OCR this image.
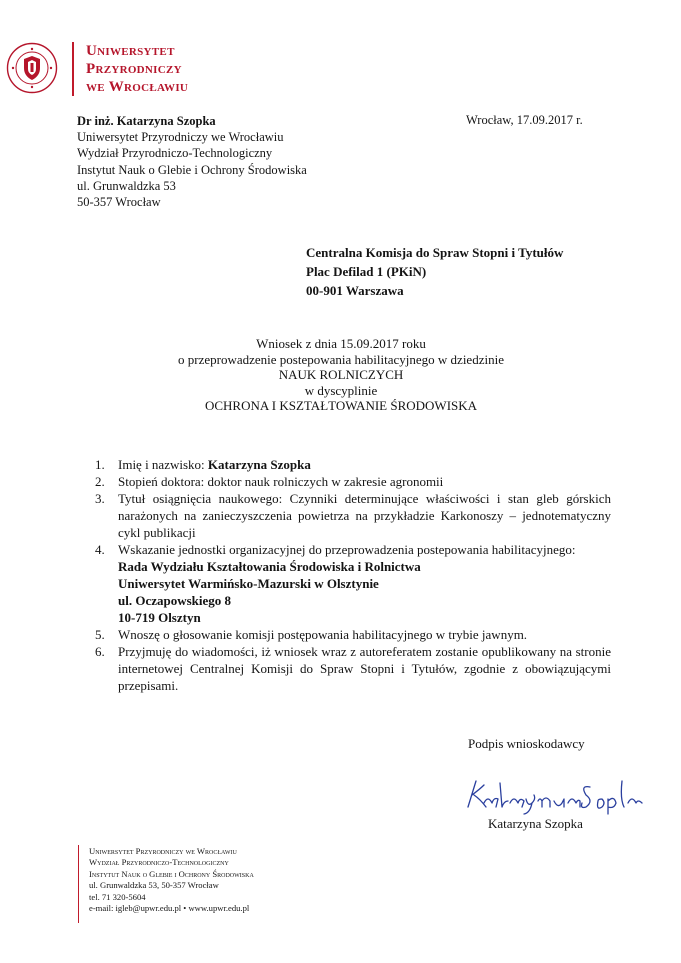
Uniwersytet
Przyrodniczy
we Wrocławiu
Dr inż. Katarzyna Szopka
Uniwersytet Przyrodniczy we Wrocławiu
Wydział Przyrodniczo-Technologiczny
Instytut Nauk o Glebie i Ochrony Środowiska
ul. Grunwaldzka 53
50-357 Wrocław
Wrocław, 17.09.2017 r.
Centralna Komisja do Spraw Stopni i Tytułów
Plac Defilad 1 (PKiN)
00-901 Warszawa
Wniosek z dnia 15.09.2017 roku
o przeprowadzenie postepowania habilitacyjnego w dziedzinie
NAUK ROLNICZYCH
w dyscyplinie
OCHRONA I KSZTAŁTOWANIE ŚRODOWISKA
1. Imię i nazwisko: Katarzyna Szopka
2. Stopień doktora: doktor nauk rolniczych w zakresie agronomii
3. Tytuł osiągnięcia naukowego: Czynniki determinujące właściwości i stan gleb górskich narażonych na zanieczyszczenia powietrza na przykładzie Karkonoszy – jednotematyczny cykl publikacji
4. Wskazanie jednostki organizacyjnej do przeprowadzenia postepowania habilitacyjnego:
Rada Wydziału Kształtowania Środowiska i Rolnictwa
Uniwersytet Warmińsko-Mazurski w Olsztynie
ul. Oczapowskiego 8
10-719 Olsztyn
5. Wnoszę o głosowanie komisji postępowania habilitacyjnego w trybie jawnym.
6. Przyjmuję do wiadomości, iż wniosek wraz z autoreferatem zostanie opublikowany na stronie internetowej Centralnej Komisji do Spraw Stopni i Tytułów, zgodnie z obowiązującymi przepisami.
Podpis wnioskodawcy
Katarzyna Szopka
Uniwersytet Przyrodniczy we Wrocławiu
Wydział Przyrodniczo-Technologiczny
Instytut Nauk o Glebie i Ochrony Środowiska
ul. Grunwaldzka 53, 50-357 Wrocław
tel. 71 320-5604
e-mail: igleb@upwr.edu.pl • www.upwr.edu.pl
